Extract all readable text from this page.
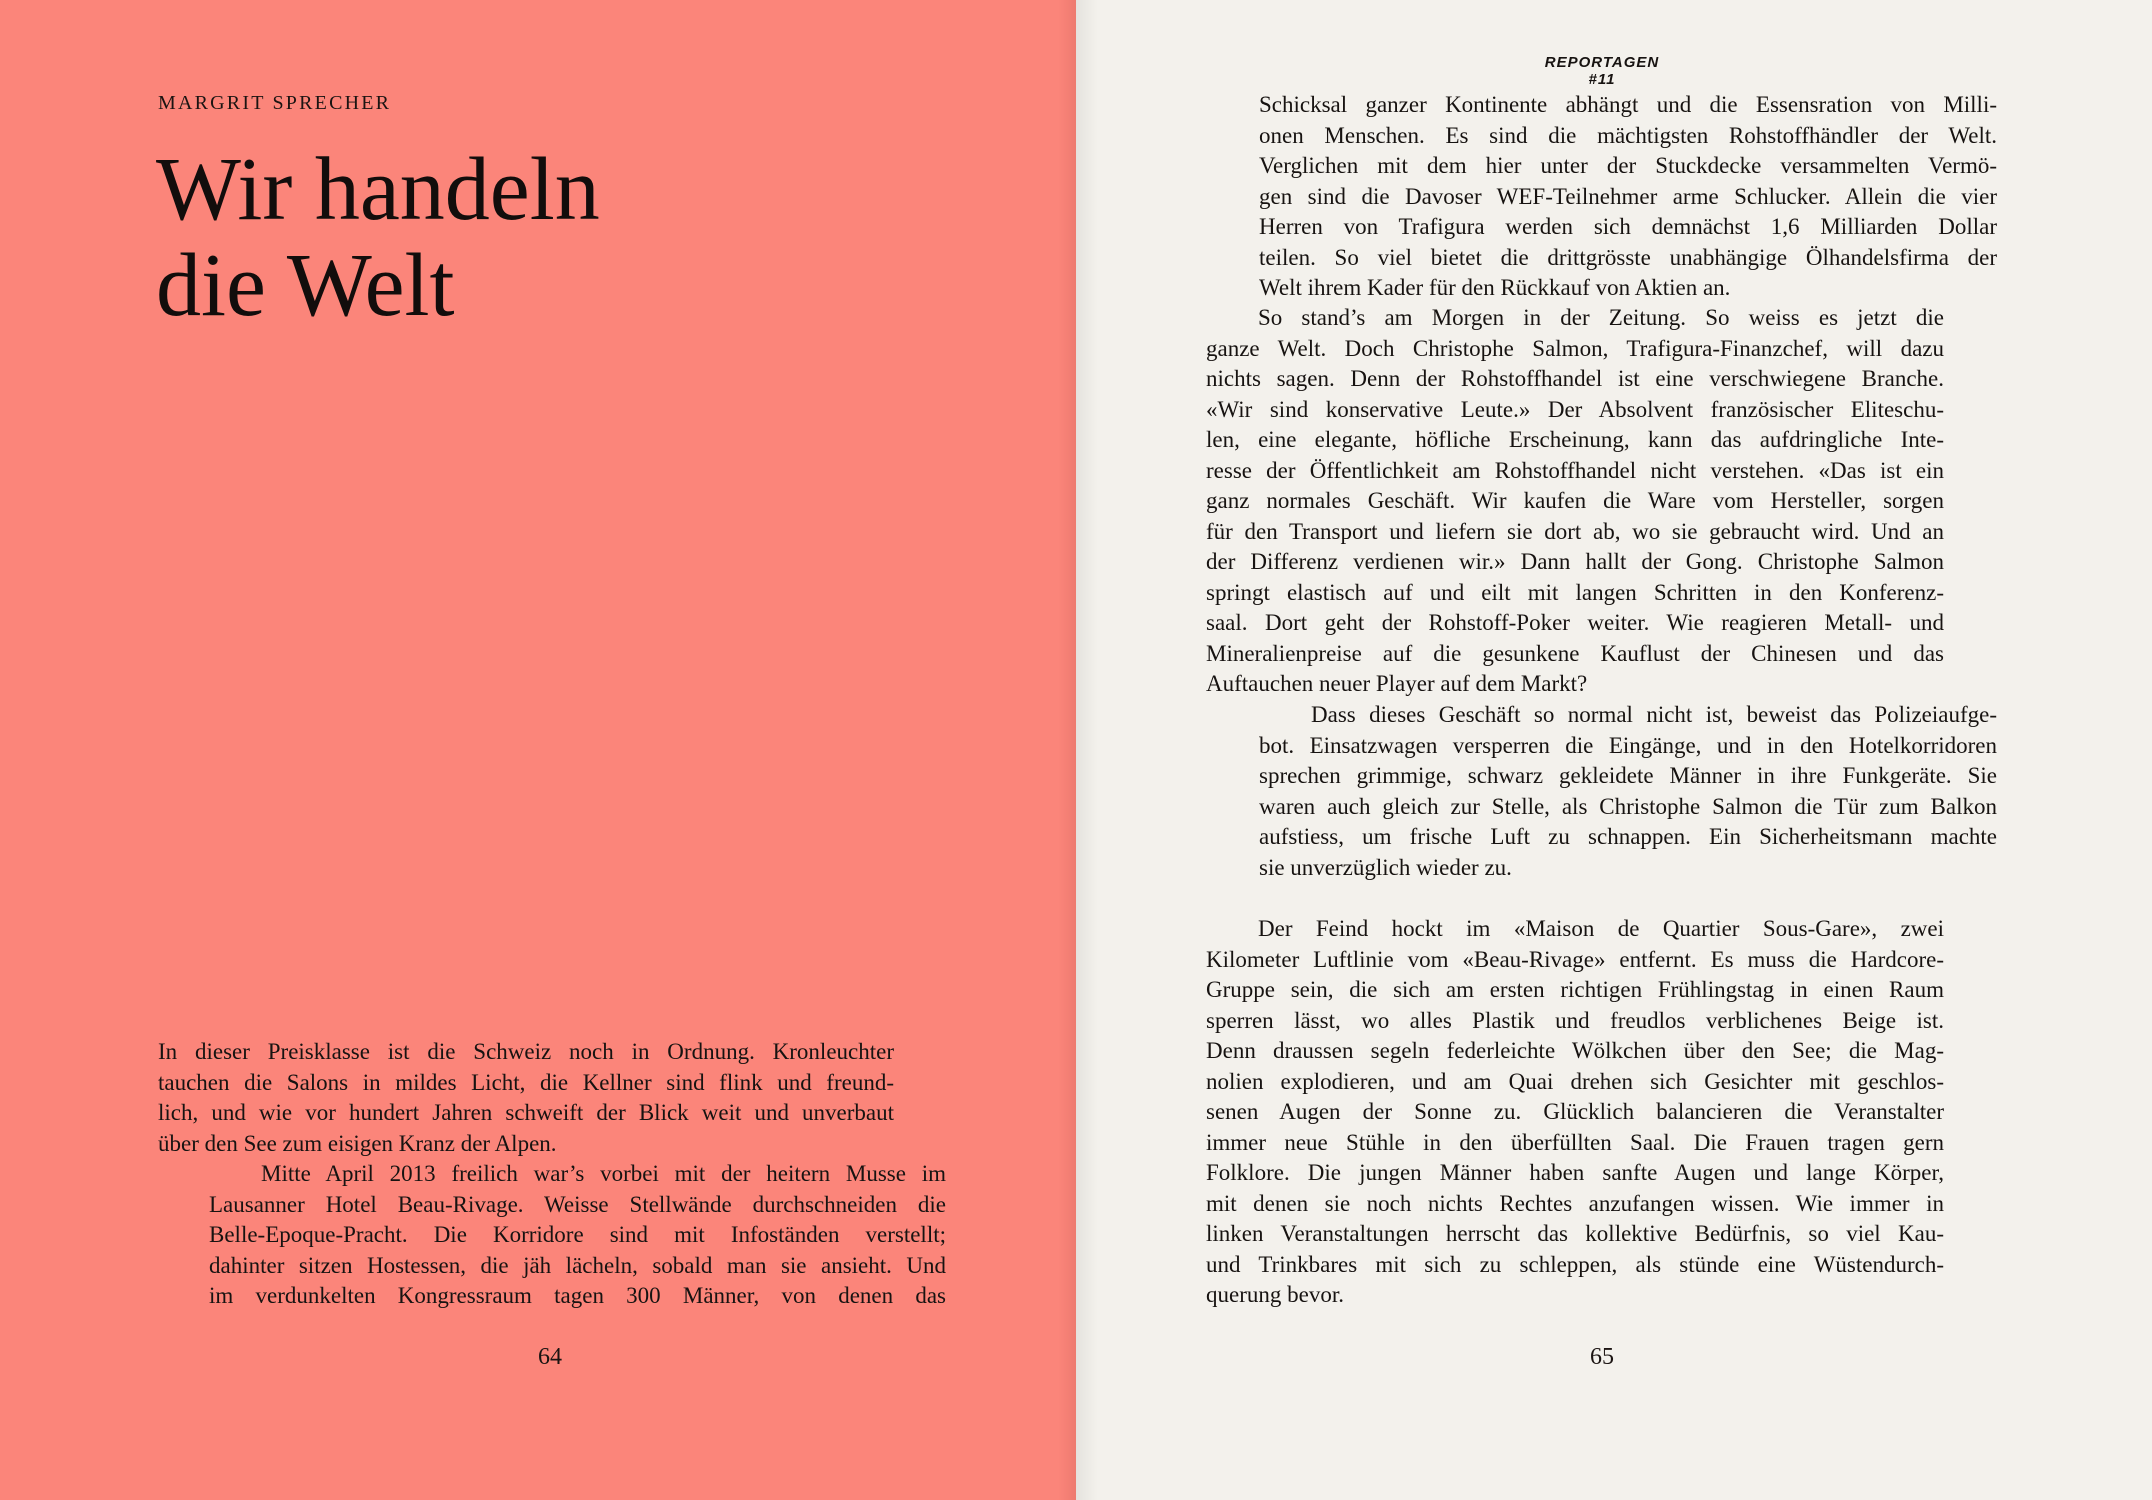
MARGRIT SPRECHER
Wir handeln
die Welt
In dieser Preisklasse ist die Schweiz noch in Ordnung. Kronleuchter
tauchen die Salons in mildes Licht, die Kellner sind flink und freund-
lich, und wie vor hundert Jahren schweift der Blick weit und unverbaut
über den See zum eisigen Kranz der Alpen.
Mitte April 2013 freilich war’s vorbei mit der heitern Musse im
Lausanner Hotel Beau-Rivage. Weisse Stellwände durchschneiden die
Belle-Epoque-Pracht. Die Korridore sind mit Infoständen verstellt;
dahinter sitzen Hostessen, die jäh lächeln, sobald man sie ansieht. Und
im verdunkelten Kongressraum tagen 300 Männer, von denen das
64
REPORTAGEN #11
Schicksal ganzer Kontinente abhängt und die Essensration von Milli-
onen Menschen. Es sind die mächtigsten Rohstoffhändler der Welt.
Verglichen mit dem hier unter der Stuckdecke versammelten Vermö-
gen sind die Davoser WEF-Teilnehmer arme Schlucker. Allein die vier
Herren von Trafigura werden sich demnächst 1,6 Milliarden Dollar
teilen. So viel bietet die drittgrösste unabhängige Ölhandelsfirma der
Welt ihrem Kader für den Rückkauf von Aktien an.
So stand’s am Morgen in der Zeitung. So weiss es jetzt die
ganze Welt. Doch Christophe Salmon, Trafigura-Finanzchef, will dazu
nichts sagen. Denn der Rohstoffhandel ist eine verschwiegene Branche.
«Wir sind konservative Leute.» Der Absolvent französischer Eliteschu-
len, eine elegante, höfliche Erscheinung, kann das aufdringliche Inte-
resse der Öffentlichkeit am Rohstoffhandel nicht verstehen. «Das ist ein
ganz normales Geschäft. Wir kaufen die Ware vom Hersteller, sorgen
für den Transport und liefern sie dort ab, wo sie gebraucht wird. Und an
der Differenz verdienen wir.» Dann hallt der Gong. Christophe Salmon
springt elastisch auf und eilt mit langen Schritten in den Konferenz-
saal. Dort geht der Rohstoff-Poker weiter. Wie reagieren Metall- und
Mineralienpreise auf die gesunkene Kauflust der Chinesen und das
Auftauchen neuer Player auf dem Markt?
Dass dieses Geschäft so normal nicht ist, beweist das Polizeiaufge-
bot. Einsatzwagen versperren die Eingänge, und in den Hotelkorridoren
sprechen grimmige, schwarz gekleidete Männer in ihre Funkgeräte. Sie
waren auch gleich zur Stelle, als Christophe Salmon die Tür zum Balkon
aufstiess, um frische Luft zu schnappen. Ein Sicherheitsmann machte
sie unverzüglich wieder zu.
Der Feind hockt im «Maison de Quartier Sous-Gare», zwei
Kilometer Luftlinie vom «Beau-Rivage» entfernt. Es muss die Hardcore-
Gruppe sein, die sich am ersten richtigen Frühlingstag in einen Raum
sperren lässt, wo alles Plastik und freudlos verblichenes Beige ist.
Denn draussen segeln federleichte Wölkchen über den See; die Mag-
nolien explodieren, und am Quai drehen sich Gesichter mit geschlos-
senen Augen der Sonne zu. Glücklich balancieren die Veranstalter
immer neue Stühle in den überfüllten Saal. Die Frauen tragen gern
Folklore. Die jungen Männer haben sanfte Augen und lange Körper,
mit denen sie noch nichts Rechtes anzufangen wissen. Wie immer in
linken Veranstaltungen herrscht das kollektive Bedürfnis, so viel Kau-
und Trinkbares mit sich zu schleppen, als stünde eine Wüstendurch-
querung bevor.
65
